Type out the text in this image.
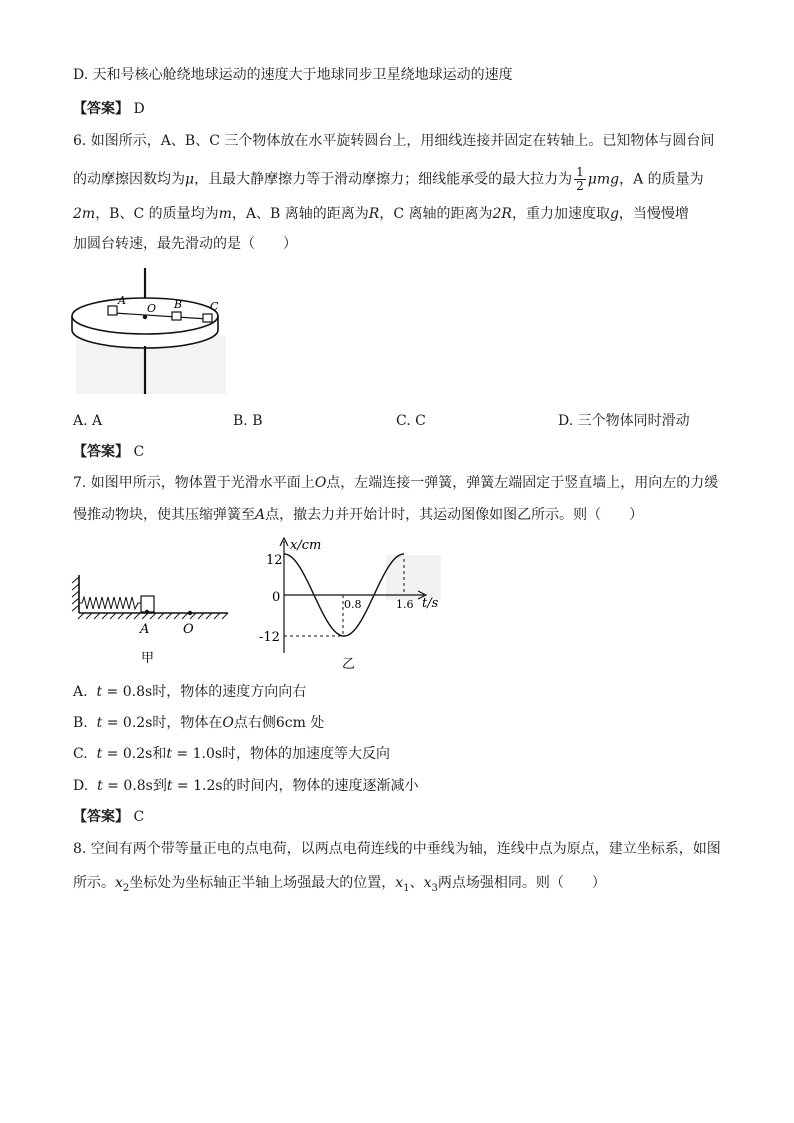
D. 天和号核心舱绕地球运动的速度大于地球同步卫星绕地球运动的速度
【答案】 D
6. 如图所示，A、B、C 三个物体放在水平旋转圆台上，用细线连接并固定在转轴上。已知物体与圆台间
的动摩擦因数均为μ，且最大静摩擦力等于滑动摩擦力；细线能承受的最大拉力为 $\frac{1}{2}$ μmg，A 的质量为
2m，B、C 的质量均为m，A、B 离轴的距离为R，C 离轴的距离为2R，重力加速度取g，当慢慢增
加圆台转速，最先滑动的是（　　）
A
O B	C
A. A	B. B	C. C	D. 三个物体同时滑动
【答案】 C
7. 如图甲所示，物体置于光滑水平面上O点，左端连接一弹簧，弹簧左端固定于竖直墙上，用向左的力缓
慢推动物块，使其压缩弹簧至A点，撤去力并开始计时，其运动图像如图乙所示。则（　　）
A	O
甲
x/cm
t/s
12
0
-12
0.8	1.6
乙
A. t = 0.8s时，物体的速度方向向右
B. t = 0.2s时，物体在O点右侧6cm 处
C. t = 0.2s和t = 1.0s时，物体的加速度等大反向
D. t = 0.8s到t = 1.2s的时间内，物体的速度逐渐减小
【答案】 C
8. 空间有两个带等量正电的点电荷，以两点电荷连线的中垂线为轴，连线中点为原点，建立坐标系，如图
所示。$x_2$坐标处为坐标轴正半轴上场强最大的位置，$x_1$、$x_3$两点场强相同。则（　　）
